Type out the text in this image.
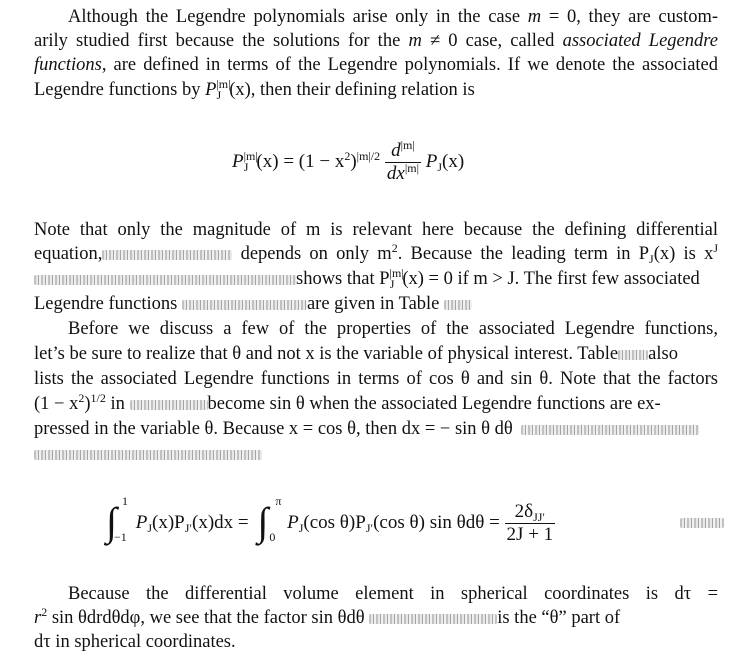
Although the Legendre polynomials arise only in the case m = 0, they are custom-
arily studied first because the solutions for the m ≠ 0 case, called associated Legendre
functions, are defined in terms of the Legendre polynomials. If we denote the associated
Legendre functions by $P^{|m|}_J$ (x), then their defining relation is
$P^{|m|}_J$ $(x) = (1 - x^2)^{|m|/2} \frac{d^{|m|}}{dx^{|m|}} P_J(x)$
Note that only the magnitude of m is relevant here because the defining differential
equation,	depends on only $m^2$. Because the leading term in $P_J(x)$ is $x^J$
shows that $P^{|m|}_J$ (x) = 0 if m > J. The first few associated
Legendre functions	are given in Table
Before we discuss a few of the properties of the associated Legendre functions,
let’s be sure to realize that θ and not x is the variable of physical interest. Table also
lists the associated Legendre functions in terms of cos θ and sin θ. Note that the factors
$(1 - x^2)^{1/2}$ in	become sin θ when the associated Legendre functions are ex-
pressed in the variable θ. Because x = cos θ, then dx = − sin θ dθ
∫ 1
−1
$P_J(x)P_{J'}(x)dx$ = ∫ π
0
$P_J(\cos$ $\theta)P_{J'}(\cos$ θ) $\sin \theta d\theta = \frac{2\delta_{JJ'}}{2J + 1}$
Because the differential volume element in spherical coordinates is dτ =
$r^2$ sin θdrdθdφ, we see that the factor sin θdθ	is the “θ” part of
dτ in spherical coordinates.
